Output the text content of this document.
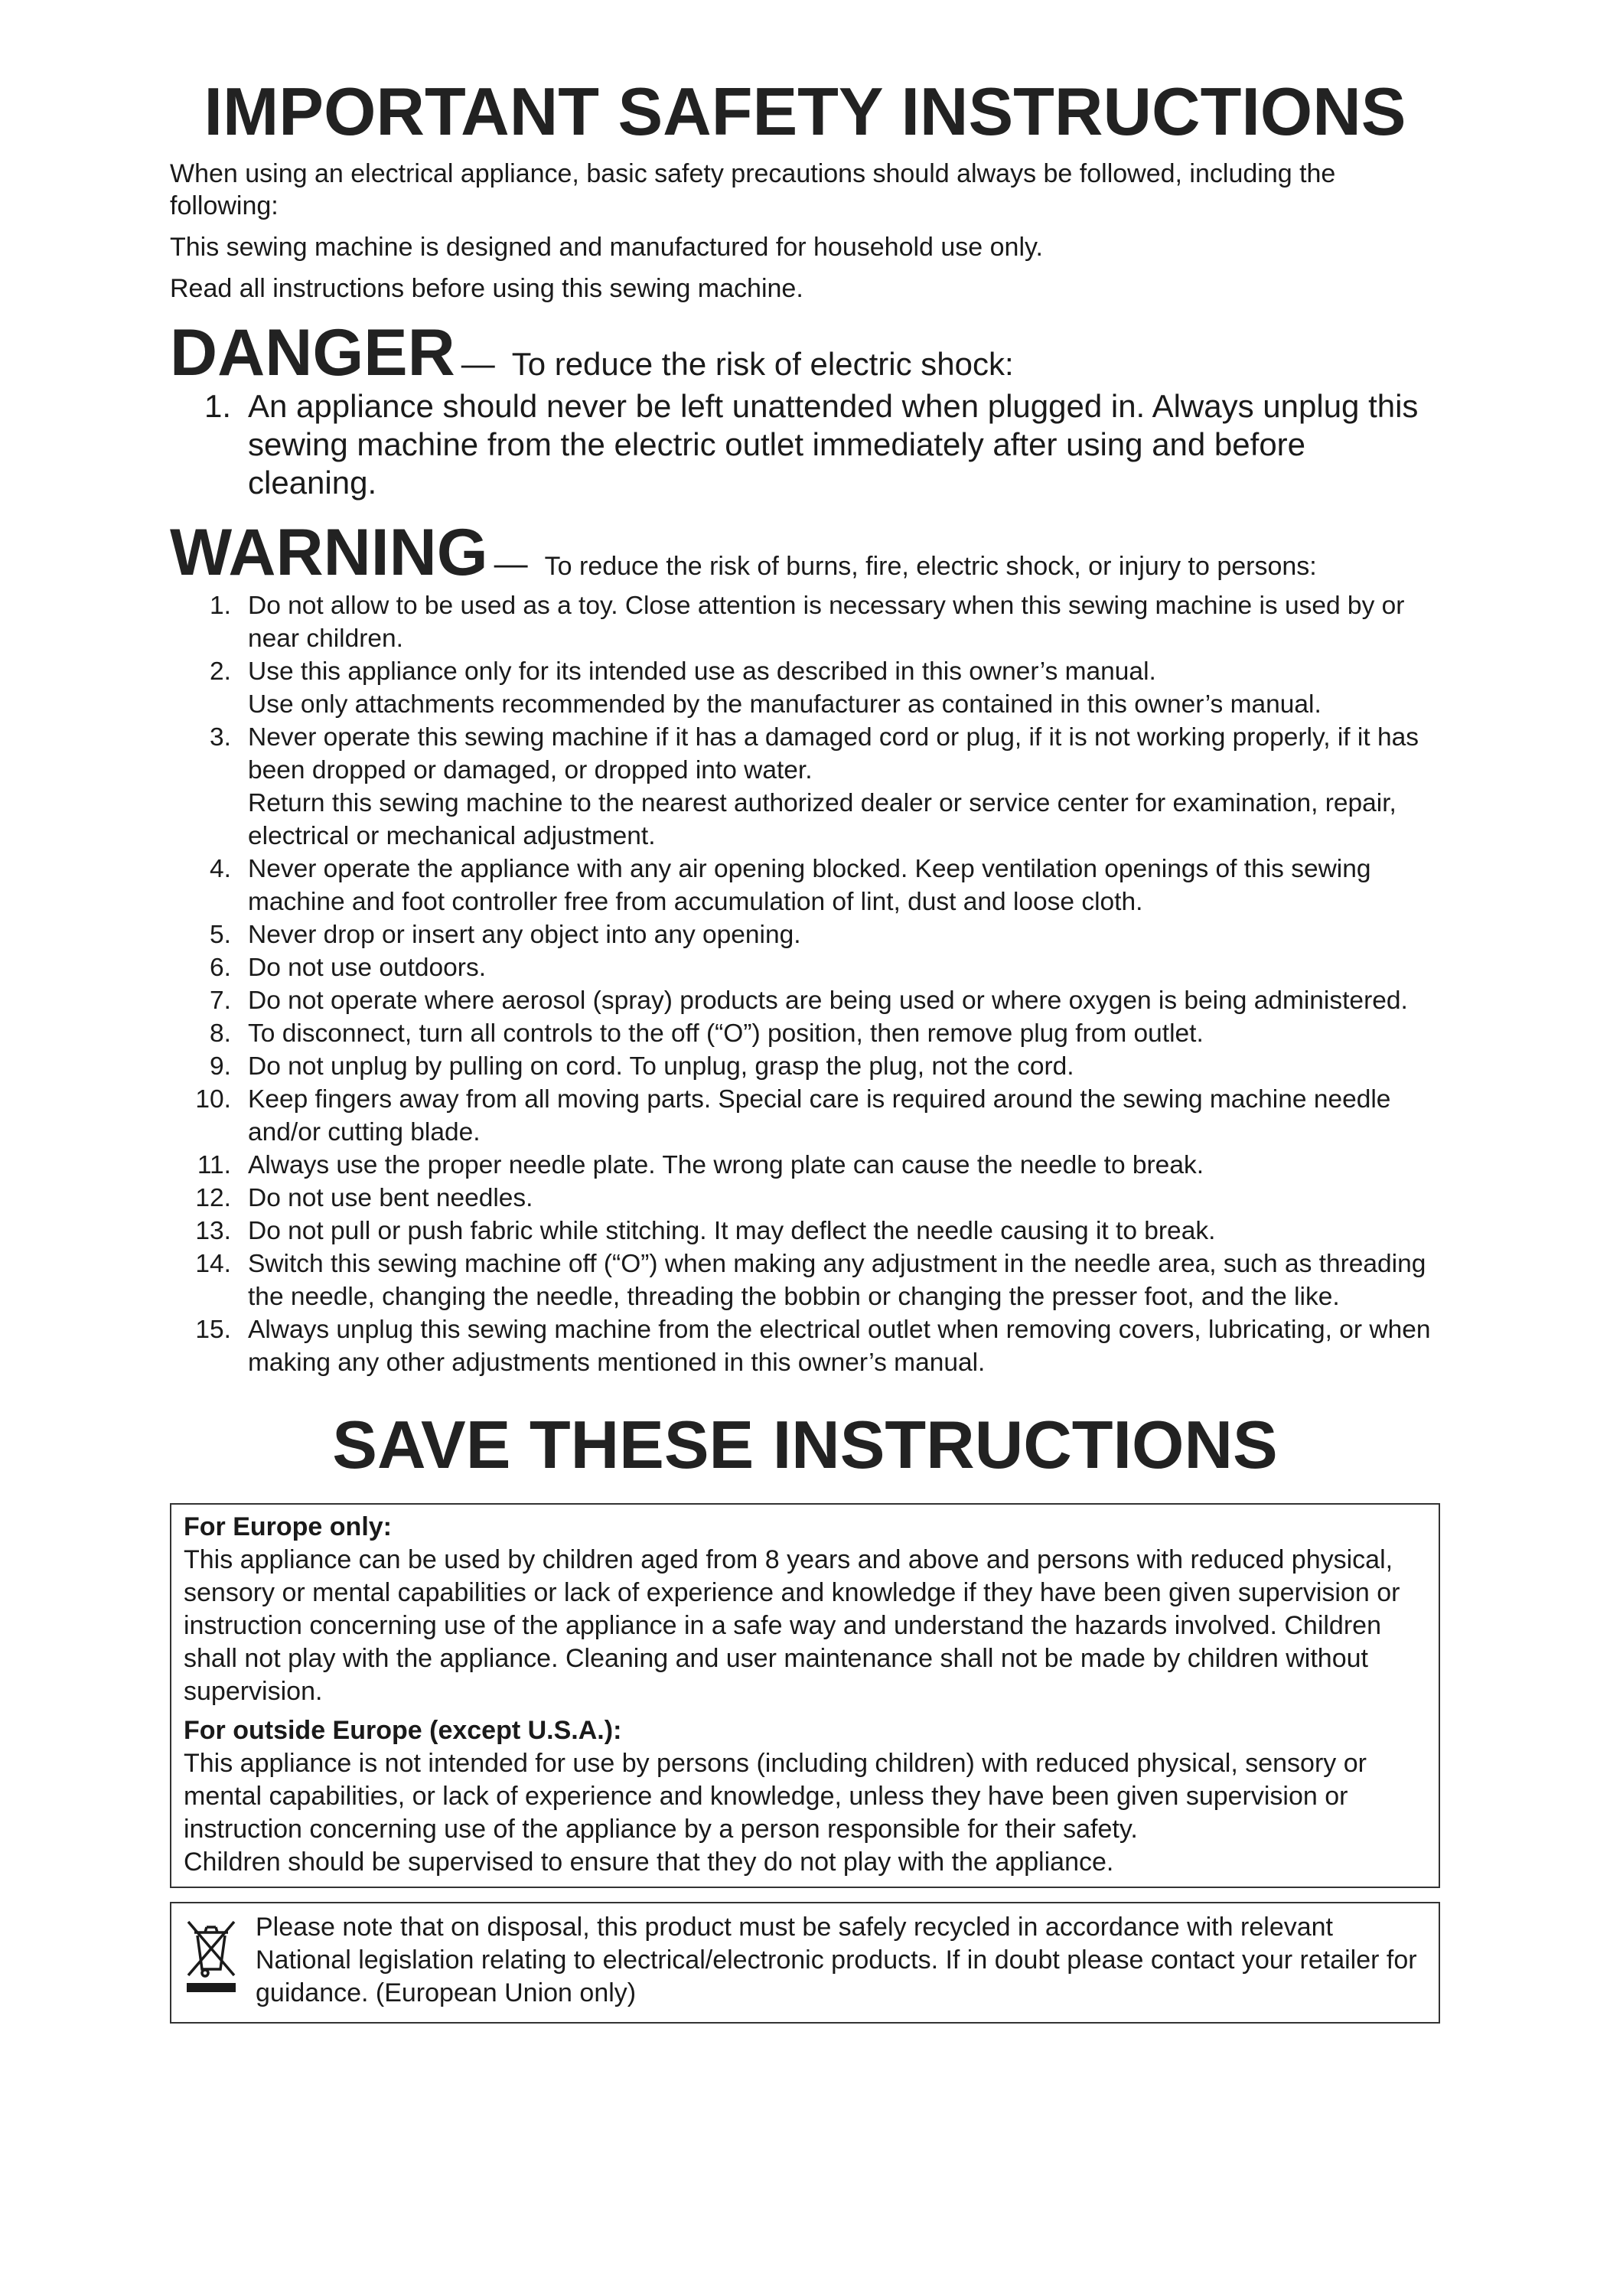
IMPORTANT SAFETY INSTRUCTIONS

When using an electrical appliance, basic safety precautions should always be followed, including the following:

This sewing machine is designed and manufactured for household use only.

Read all instructions before using this sewing machine.

DANGER — To reduce the risk of electric shock:
1. An appliance should never be left unattended when plugged in. Always unplug this sewing machine from the electric outlet immediately after using and before cleaning.
WARNING — To reduce the risk of burns, fire, electric shock, or injury to persons:
1. Do not allow to be used as a toy. Close attention is necessary when this sewing machine is used by or near children.
2. Use this appliance only for its intended use as described in this owner’s manual.
Use only attachments recommended by the manufacturer as contained in this owner’s manual.
3. Never operate this sewing machine if it has a damaged cord or plug, if it is not working properly, if it has been dropped or damaged, or dropped into water.
Return this sewing machine to the nearest authorized dealer or service center for examination, repair, electrical or mechanical adjustment.
4. Never operate the appliance with any air opening blocked. Keep ventilation openings of this sewing machine and foot controller free from accumulation of lint, dust and loose cloth.
5. Never drop or insert any object into any opening.
6. Do not use outdoors.
7. Do not operate where aerosol (spray) products are being used or where oxygen is being administered.
8. To disconnect, turn all controls to the off (“O”) position, then remove plug from outlet.
9. Do not unplug by pulling on cord. To unplug, grasp the plug, not the cord.
10. Keep fingers away from all moving parts. Special care is required around the sewing machine needle and/or cutting blade.
11. Always use the proper needle plate. The wrong plate can cause the needle to break.
12. Do not use bent needles.
13. Do not pull or push fabric while stitching. It may deflect the needle causing it to break.
14. Switch this sewing machine off (“O”) when making any adjustment in the needle area, such as threading the needle, changing the needle, threading the bobbin or changing the presser foot, and the like.
15. Always unplug this sewing machine from the electrical outlet when removing covers, lubricating, or when making any other adjustments mentioned in this owner’s manual.
SAVE THESE INSTRUCTIONS
For Europe only:

This appliance can be used by children aged from 8 years and above and persons with reduced physical, sensory or mental capabilities or lack of experience and knowledge if they have been given supervision or instruction concerning use of the appliance in a safe way and understand the hazards involved. Children shall not play with the appliance. Cleaning and user maintenance shall not be made by children without supervision.

For outside Europe (except U.S.A.):

This appliance is not intended for use by persons (including children) with reduced physical, sensory or mental capabilities, or lack of experience and knowledge, unless they have been given supervision or instruction concerning use of the appliance by a person responsible for their safety.

Children should be supervised to ensure that they do not play with the appliance.

Please note that on disposal, this product must be safely recycled in accordance with relevant National legislation relating to electrical/electronic products. If in doubt please contact your retailer for guidance. (European Union only)
